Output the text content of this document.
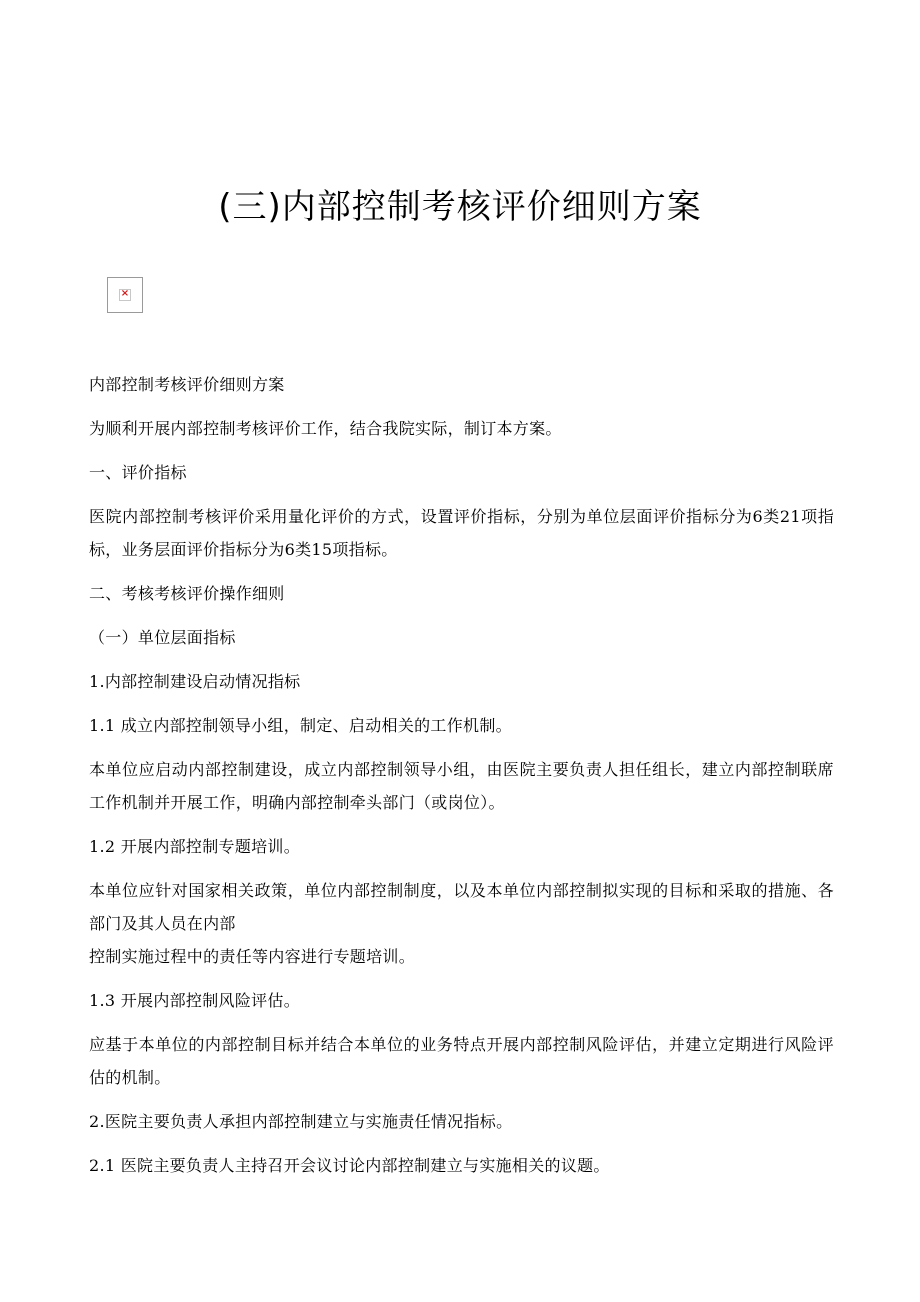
(三)内部控制考核评价细则方案
×

内部控制考核评价细则方案

为顺利开展内部控制考核评价工作，结合我院实际，制订本方案。

一、评价指标

医院内部控制考核评价采用量化评价的方式，设置评价指标，分别为单位层面评价指标分为6类21项指标，业务层面评价指标分为6类15项指标。

二、考核考核评价操作细则

（一）单位层面指标

1.内部控制建设启动情况指标

1.1 成立内部控制领导小组，制定、启动相关的工作机制。

本单位应启动内部控制建设，成立内部控制领导小组，由医院主要负责人担任组长，建立内部控制联席工作机制并开展工作，明确内部控制牵头部门（或岗位）。

1.2 开展内部控制专题培训。

本单位应针对国家相关政策，单位内部控制制度，以及本单位内部控制拟实现的目标和采取的措施、各部门及其人员在内部

控制实施过程中的责任等内容进行专题培训。

1.3 开展内部控制风险评估。

应基于本单位的内部控制目标并结合本单位的业务特点开展内部控制风险评估，并建立定期进行风险评估的机制。

2.医院主要负责人承担内部控制建立与实施责任情况指标。

2.1 医院主要负责人主持召开会议讨论内部控制建立与实施相关的议题。
